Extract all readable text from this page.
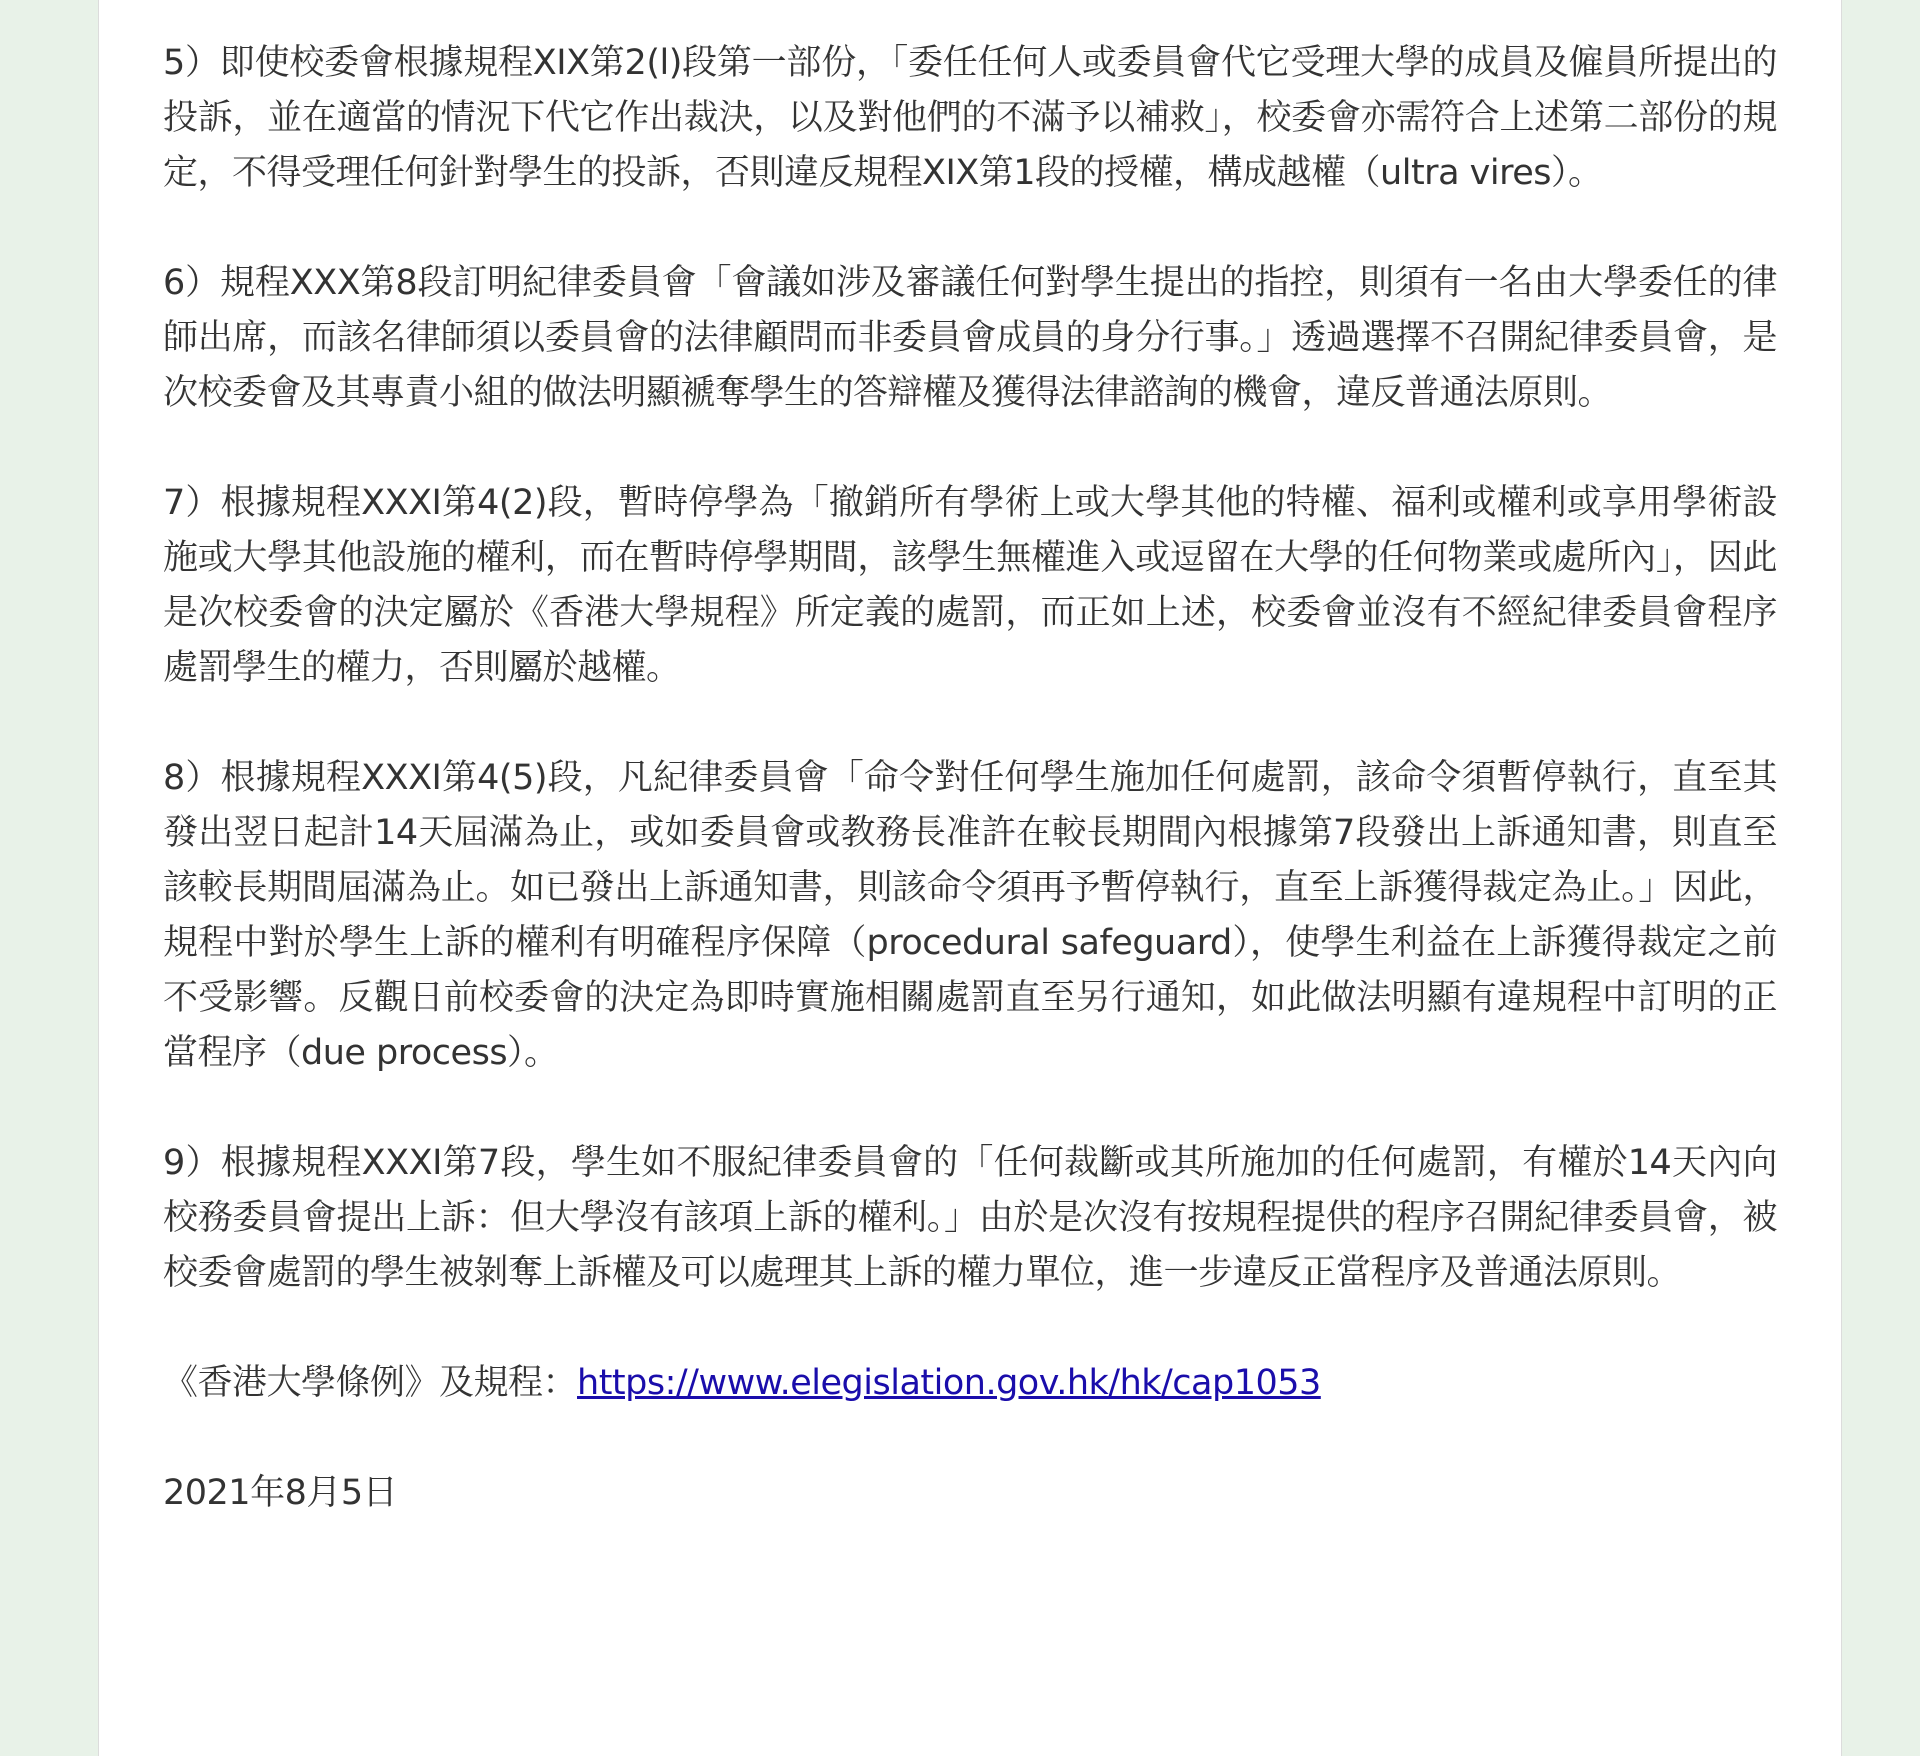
5）即使校委會根據規程XIX第2(l)段第一部份，「委任任何人或委員會代它受理大學的成員及僱員所提出的投訴，並在適當的情況下代它作出裁決，以及對他們的不滿予以補救」，校委會亦需符合上述第二部份的規定，不得受理任何針對學生的投訴，否則違反規程XIX第1段的授權，構成越權（ultra vires）。

6）規程XXX第8段訂明紀律委員會「會議如涉及審議任何對學生提出的指控，則須有一名由大學委任的律師出席，而該名律師須以委員會的法律顧問而非委員會成員的身分行事。」透過選擇不召開紀律委員會，是次校委會及其專責小組的做法明顯褫奪學生的答辯權及獲得法律諮詢的機會，違反普通法原則。

7）根據規程XXXI第4(2)段，暫時停學為「撤銷所有學術上或大學其他的特權、福利或權利或享用學術設施或大學其他設施的權利，而在暫時停學期間，該學生無權進入或逗留在大學的任何物業或處所內」，因此是次校委會的決定屬於《香港大學規程》所定義的處罰，而正如上述，校委會並沒有不經紀律委員會程序處罰學生的權力，否則屬於越權。

8）根據規程XXXI第4(5)段，凡紀律委員會「命令對任何學生施加任何處罰，該命令須暫停執行，直至其發出翌日起計14天屆滿為止，或如委員會或教務長准許在較長期間內根據第7段發出上訴通知書，則直至該較長期間屆滿為止。如已發出上訴通知書，則該命令須再予暫停執行，直至上訴獲得裁定為止。」因此，規程中對於學生上訴的權利有明確程序保障（procedural safeguard），使學生利益在上訴獲得裁定之前不受影響。反觀日前校委會的決定為即時實施相關處罰直至另行通知，如此做法明顯有違規程中訂明的正當程序（due process）。

9）根據規程XXXI第7段，學生如不服紀律委員會的「任何裁斷或其所施加的任何處罰，有權於14天內向校務委員會提出上訴：但大學沒有該項上訴的權利。」由於是次沒有按規程提供的程序召開紀律委員會，被校委會處罰的學生被剝奪上訴權及可以處理其上訴的權力單位，進一步違反正當程序及普通法原則。

《香港大學條例》及規程：https://www.elegislation.gov.hk/hk/cap1053

2021年8月5日
